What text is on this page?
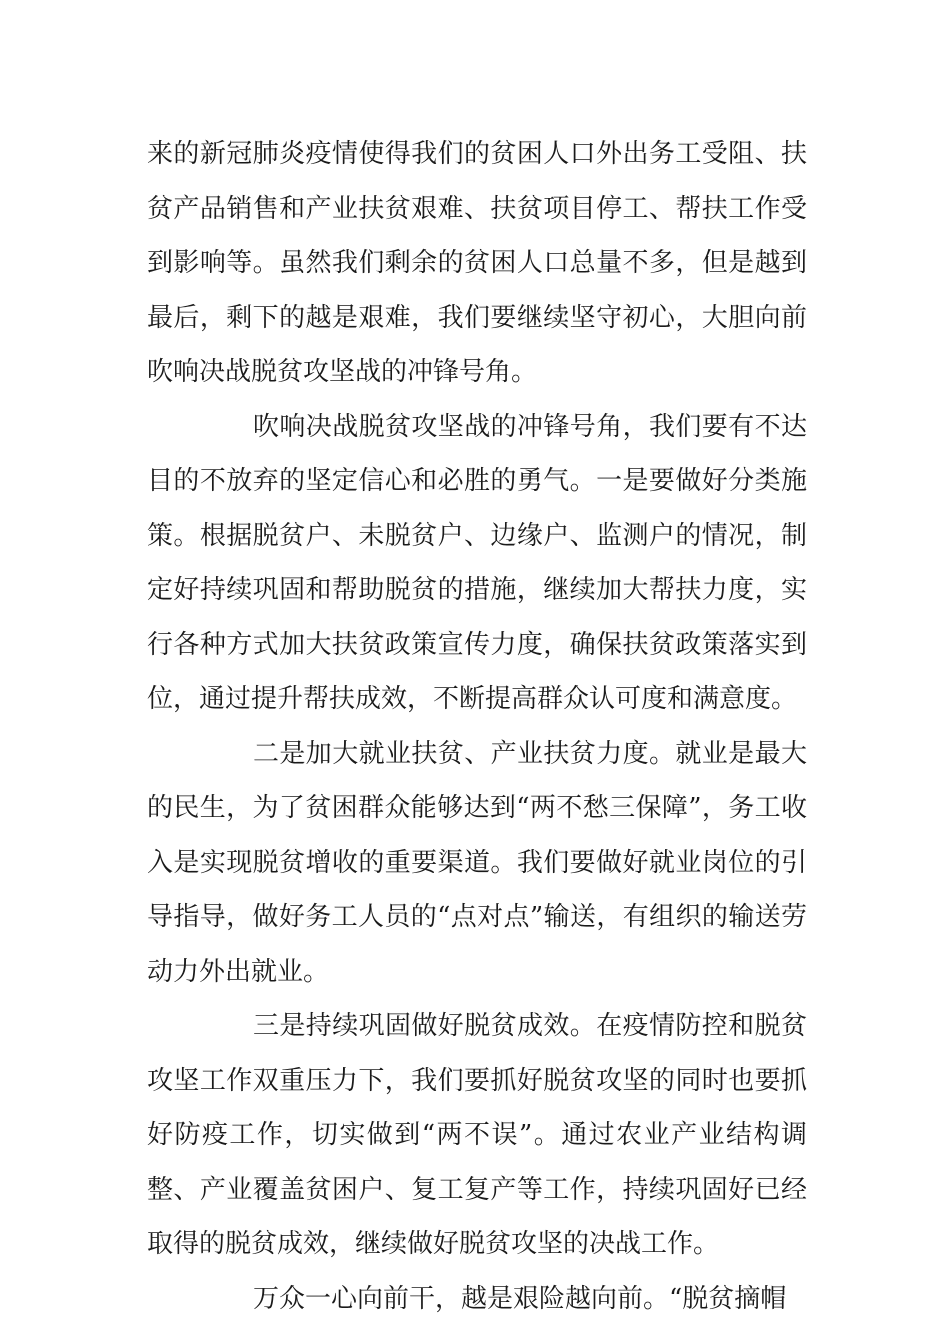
来的新冠肺炎疫情使得我们的贫困人口外出务工受阻、扶贫产品销售和产业扶贫艰难、扶贫项目停工、帮扶工作受到影响等。虽然我们剩余的贫困人口总量不多，但是越到最后，剩下的越是艰难，我们要继续坚守初心，大胆向前吹响决战脱贫攻坚战的冲锋号角。

吹响决战脱贫攻坚战的冲锋号角，我们要有不达目的不放弃的坚定信心和必胜的勇气。一是要做好分类施策。根据脱贫户、未脱贫户、边缘户、监测户的情况，制定好持续巩固和帮助脱贫的措施，继续加大帮扶力度，实行各种方式加大扶贫政策宣传力度，确保扶贫政策落实到位，通过提升帮扶成效，不断提高群众认可度和满意度。

二是加大就业扶贫、产业扶贫力度。就业是最大的民生，为了贫困群众能够达到“两不愁三保障”，务工收入是实现脱贫增收的重要渠道。我们要做好就业岗位的引导指导，做好务工人员的“点对点”输送，有组织的输送劳动力外出就业。

三是持续巩固做好脱贫成效。在疫情防控和脱贫攻坚工作双重压力下，我们要抓好脱贫攻坚的同时也要抓好防疫工作，切实做到“两不误”。通过农业产业结构调整、产业覆盖贫困户、复工复产等工作，持续巩固好已经取得的脱贫成效，继续做好脱贫攻坚的决战工作。

万众一心向前干，越是艰险越向前。“脱贫摘帽
